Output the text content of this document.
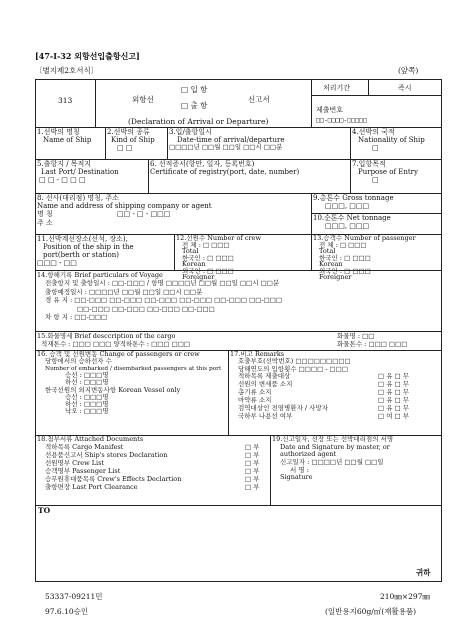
[47-I-32 외항선입출항신고]
〔별지제2호서식〕	(앞쪽)
313	외항선
□ 입 항
□ 출 항
신고서
(Declaration of Arrival or Departure)
처리기간	즉시
제출번호
□□-□□□□-□□□□□
1.선박의 명칭
Name of Ship
2.선박의 종류
Kind of Ship
□ □
3.입/출항일시
Date-time of arrival/departure
□□□□년 □□월 □□일 □□시 □□분
4.선박의 국적
Nationality of Ship
□
5.출항지 / 목적지
Last Port/ Destination
□ □ - □ □ □
6. 선적증서(항만, 일자, 등록번호)
Certificate of registry(port, date, number)
7.입항목적
Purpose of Entry
□
8. 선사(대리점) 명칭, 주소
Name and address of shipping company or agent
명 칭	□□ - □ - □□□
주 소
9.총톤수 Gross tonnage
□□□, □□□
10.순톤수 Net tonnage
□□□, □□□
11.선박계선장소(선석, 장소),
Position of the ship in the
port(berth or station)
□□□ - □□
12.선원수 Number of crew
전 체 : □ □□□
Total
한국인 : □ □□□
Korean
외국인 : □ □□□
Foreigner
13.승객수 Number of passenger
전 체 : □ □□□
Total
한국인 : □ □□□
Korean
외국인 : □ □□□
Foreigner
14.항해기록 Brief particulars of Voyage
전출항지 및 출항일시 : □□-□□□ / 항명 □□□□년 □□월 □□일 □□시 □□분
출항예정일시 : □□□□년 □□월 □□일 □□시 □□분
경 유 지 : □□-□□□ □□-□□□ □□-□□□ □□-□□□ □□-□□□ □□-□□□
□□-□□□ □□-□□□ □□-□□□ □□-□□□
차 항 지 : □□-□□□
15.화물명세 Brief desccription of the cargo
적재톤수 : □□□ □□□ 양적하톤수 : □□□ □□□
화물명 : □□
화물톤수 : □□□ □□□
16. 승객 및 선원변동 Change of passengers or crew
당항에서의 승하선자 수
Number of embarked / disembarked passengers at this port
승선 : □□□명
하선 : □□□명
한국선원의 외지변동사항 Korean Vessel only
승선 : □□□명
하선 : □□□명
낙오 : □□□명
17.비고 Remarks
호출부호(선박번호) □□□□□□□□□
당해연도의 입항횟수 □□□□ - □□□
적하목록 제출대상	□ 유 □ 무
선원의 변세품 소지	□ 유 □ 무
총기류 소지	□ 유 □ 무
마약류 소지	□ 유 □ 무
검역대상인 전염병환자 / 사망자	□ 유 □ 무
국하부 나용선 여부	□ 여 □ 부
18.첨부서류 Attached Documents
적하목록 Cargo Manifest	□ 부
선용품신고서 Ship's stores Declaration	□ 부
선원명부 Crew List	□ 부
승객명부 Passenger List	□ 부
승무원휴대품목록 Crew's Effects Declartion	□ 부
출항면장 Last Port Clearance	□ 부
19.신고일자, 선장 또는 선박대리점의 서명
Date and Signature by master, or
authorized agent
신고일자 : □□□□년 □□월 □□일
서 명 :
Signature
TO
귀하
53337-09211민	210㎜×297㎜
97.6.10승인	(일반용지60g/㎡(재활용품)
